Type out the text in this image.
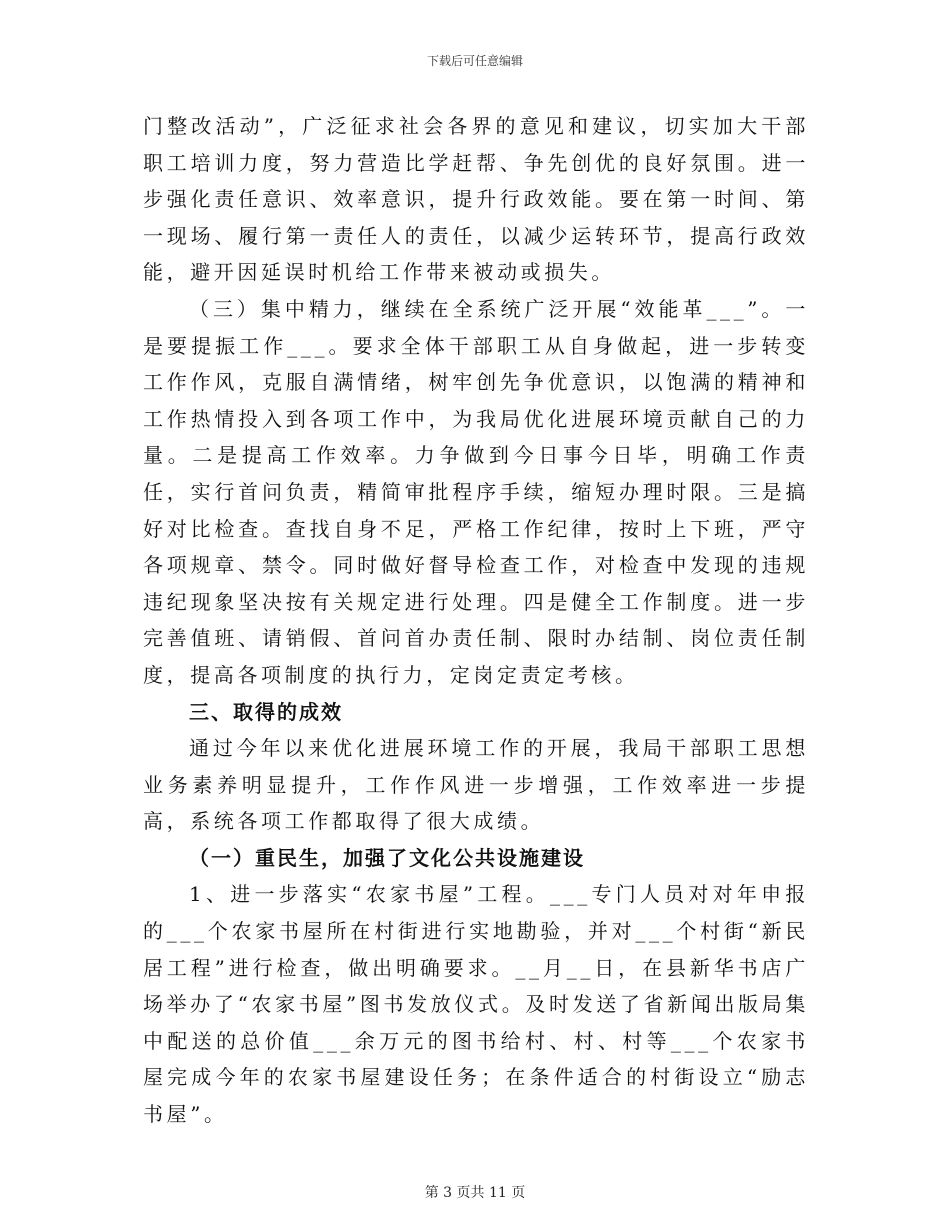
下载后可任意编辑

门整改活动”，广泛征求社会各界的意见和建议，切实加大干部职工培训力度，努力营造比学赶帮、争先创优的良好氛围。进一步强化责任意识、效率意识，提升行政效能。要在第一时间、第一现场、履行第一责任人的责任，以减少运转环节，提高行政效能，避开因延误时机给工作带来被动或损失。

（三）集中精力，继续在全系统广泛开展“效能革___”。一是要提振工作___。要求全体干部职工从自身做起，进一步转变工作作风，克服自满情绪，树牢创先争优意识，以饱满的精神和工作热情投入到各项工作中，为我局优化进展环境贡献自己的力量。二是提高工作效率。力争做到今日事今日毕，明确工作责任，实行首问负责，精简审批程序手续，缩短办理时限。三是搞好对比检查。查找自身不足，严格工作纪律，按时上下班，严守各项规章、禁令。同时做好督导检查工作，对检查中发现的违规违纪现象坚决按有关规定进行处理。四是健全工作制度。进一步完善值班、请销假、首问首办责任制、限时办结制、岗位责任制度，提高各项制度的执行力，定岗定责定考核。

三、取得的成效

通过今年以来优化进展环境工作的开展，我局干部职工思想业务素养明显提升，工作作风进一步增强，工作效率进一步提高，系统各项工作都取得了很大成绩。

（一）重民生，加强了文化公共设施建设

1、进一步落实“农家书屋”工程。___专门人员对对年申报的___个农家书屋所在村街进行实地勘验，并对___个村街“新民居工程”进行检查，做出明确要求。__月__日，在县新华书店广场举办了“农家书屋”图书发放仪式。及时发送了省新闻出版局集中配送的总价值___余万元的图书给村、村、村等___个农家书屋完成今年的农家书屋建设任务；在条件适合的村街设立“励志书屋”。

第 3 页共 11 页
